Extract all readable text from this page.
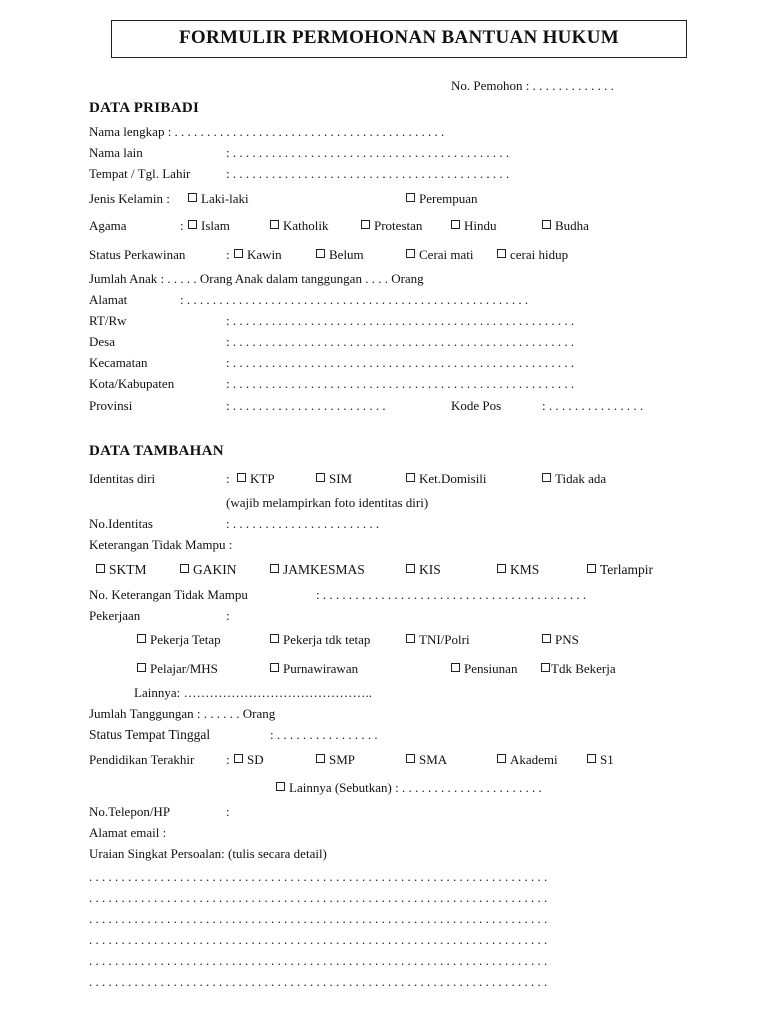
FORMULIR PERMOHONAN BANTUAN HUKUM
No. Pemohon : . . . . . . . . . . . . .
DATA PRIBADI
Nama lengkap : . . . . . . . . . . . . . . . . . . . . . . . . . . . . . . . . . . . . . . . . . .
Nama lain	: . . . . . . . . . . . . . . . . . . . . . . . . . . . . . . . . . . . . . . . . . . .
Tempat / Tgl. Lahir	: . . . . . . . . . . . . . . . . . . . . . . . . . . . . . . . . . . . . . . . . . . .
Jenis Kelamin :	Laki-laki	Perempuan
Agama	:	Islam	Katholik	Protestan	Hindu	Budha
Status Perkawinan	:	Kawin	Belum	Cerai mati	cerai hidup
Jumlah Anak : . . . . . Orang Anak dalam tanggungan . . . . Orang
Alamat	: . . . . . . . . . . . . . . . . . . . . . . . . . . . . . . . . . . . . . . . . . . . . . . . . . . . . .
RT/Rw	: . . . . . . . . . . . . . . . . . . . . . . . . . . . . . . . . . . . . . . . . . . . . . . . . . . . . .
Desa	: . . . . . . . . . . . . . . . . . . . . . . . . . . . . . . . . . . . . . . . . . . . . . . . . . . . . .
Kecamatan	: . . . . . . . . . . . . . . . . . . . . . . . . . . . . . . . . . . . . . . . . . . . . . . . . . . . . .
Kota/Kabupaten	: . . . . . . . . . . . . . . . . . . . . . . . . . . . . . . . . . . . . . . . . . . . . . . . . . . . . .
Provinsi	: . . . . . . . . . . . . . . . . . . . . . . . .	Kode Pos	: . . . . . . . . . . . . . . .
DATA TAMBAHAN
Identitas diri	:	KTP	SIM	Ket.Domisili	Tidak ada
(wajib melampirkan foto identitas diri)
No.Identitas	: . . . . . . . . . . . . . . . . . . . . . . .
Keterangan Tidak Mampu :
SKTM	GAKIN	JAMKESMAS	KIS	KMS	Terlampir
No. Keterangan Tidak Mampu	: . . . . . . . . . . . . . . . . . . . . . . . . . . . . . . . . . . . . . . . . .
Pekerjaan	:
Pekerja Tetap	Pekerja tdk tetap	TNI/Polri	PNS
Pelajar/MHS	Purnawirawan	Pensiunan	Tdk Bekerja
Lainnya: ……………………………………..
Jumlah Tanggungan : . . . . . . Orang
Status Tempat Tinggal	: . . . . . . . . . . . . . . . .
Pendidikan Terakhir :	SD	SMP	SMA	Akademi	S1
Lainnya (Sebutkan) : . . . . . . . . . . . . . . . . . . . . . .
No.Telepon/HP	:
Alamat email :
Uraian Singkat Persoalan: (tulis secara detail)
. . . . . . . . . . . . . . . . . . . . . . . . . . . . . . . . . . . . . . . . . . . . . . . . . . . . . . . . . . . . . . . . . . . . . . .
. . . . . . . . . . . . . . . . . . . . . . . . . . . . . . . . . . . . . . . . . . . . . . . . . . . . . . . . . . . . . . . . . . . . . . .
. . . . . . . . . . . . . . . . . . . . . . . . . . . . . . . . . . . . . . . . . . . . . . . . . . . . . . . . . . . . . . . . . . . . . . .
. . . . . . . . . . . . . . . . . . . . . . . . . . . . . . . . . . . . . . . . . . . . . . . . . . . . . . . . . . . . . . . . . . . . . . .
. . . . . . . . . . . . . . . . . . . . . . . . . . . . . . . . . . . . . . . . . . . . . . . . . . . . . . . . . . . . . . . . . . . . . . .
. . . . . . . . . . . . . . . . . . . . . . . . . . . . . . . . . . . . . . . . . . . . . . . . . . . . . . . . . . . . . . . . . . . . . . .
